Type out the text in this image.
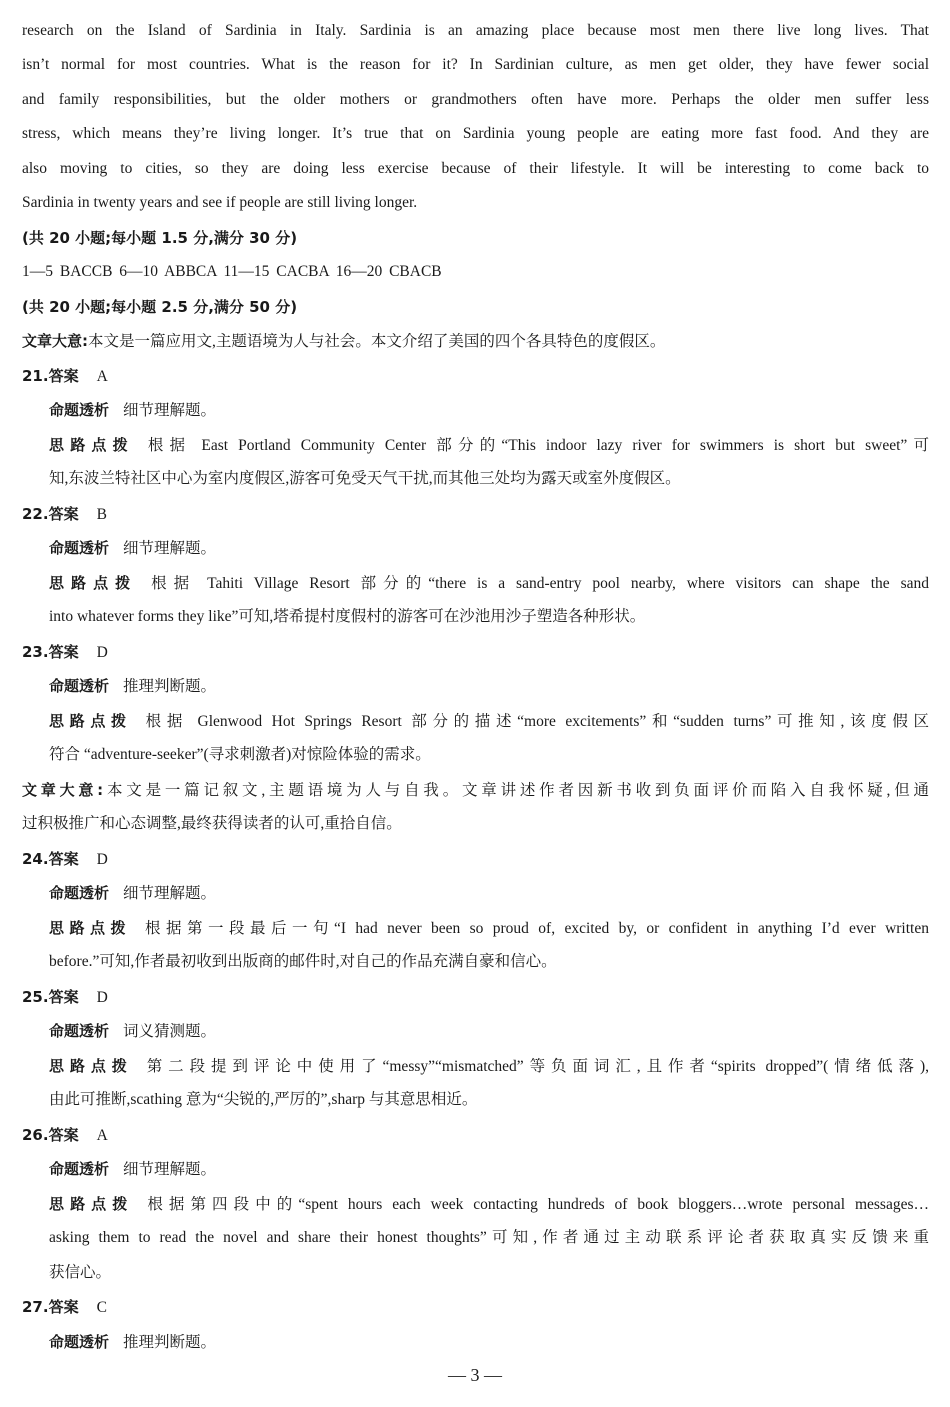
research on the Island of Sardinia in Italy. Sardinia is an amazing place because most men there live long lives. That
isn’t normal for most countries. What is the reason for it? In Sardinian culture, as men get older, they have fewer social
and family responsibilities, but the older mothers or grandmothers often have more. Perhaps the older men suffer less
stress, which means they’re living longer. It’s true that on Sardinia young people are eating more fast food. And they are
also moving to cities, so they are doing less exercise because of their lifestyle. It will be interesting to come back to
Sardinia in twenty years and see if people are still living longer.
(共 20 小题;每小题 1.5 分,满分 30 分)
1—5 BACCB 6—10 ABBCA 11—15 CACBA 16—20 CBACB
(共 20 小题;每小题 2.5 分,满分 50 分)
文章大意:本文是一篇应用文,主题语境为人与社会。本文介绍了美国的四个各具特色的度假区。
21.答案 A
命题透析 细节理解题。
思路点拨 根据 East Portland Community Center 部分的“This indoor lazy river for swimmers is short but sweet”可
知,东波兰特社区中心为室内度假区,游客可免受天气干扰,而其他三处均为露天或室外度假区。
22.答案 B
命题透析 细节理解题。
思路点拨 根据 Tahiti Village Resort 部分的“there is a sand-entry pool nearby, where visitors can shape the sand
into whatever forms they like”可知,塔希提村度假村的游客可在沙池用沙子塑造各种形状。
23.答案 D
命题透析 推理判断题。
思路点拨 根据 Glenwood Hot Springs Resort 部分的描述“more excitements”和“sudden turns”可推知,该度假区
符合 “adventure-seeker”(寻求刺激者)对惊险体验的需求。
文章大意:本文是一篇记叙文,主题语境为人与自我。文章讲述作者因新书收到负面评价而陷入自我怀疑,但通
过积极推广和心态调整,最终获得读者的认可,重拾自信。
24.答案 D
命题透析 细节理解题。
思路点拨 根据第一段最后一句“I had never been so proud of, excited by, or confident in anything I’d ever written
before.”可知,作者最初收到出版商的邮件时,对自己的作品充满自豪和信心。
25.答案 D
命题透析 词义猜测题。
思路点拨 第二段提到评论中使用了“messy”“mismatched”等负面词汇,且作者“spirits dropped”(情绪低落),
由此可推断,scathing 意为“尖锐的,严厉的”,sharp 与其意思相近。
26.答案 A
命题透析 细节理解题。
思路点拨 根据第四段中的“spent hours each week contacting hundreds of book bloggers…wrote personal messages…
asking them to read the novel and share their honest thoughts”可知,作者通过主动联系评论者获取真实反馈来重
获信心。
27.答案 C
命题透析 推理判断题。
— 3 —
